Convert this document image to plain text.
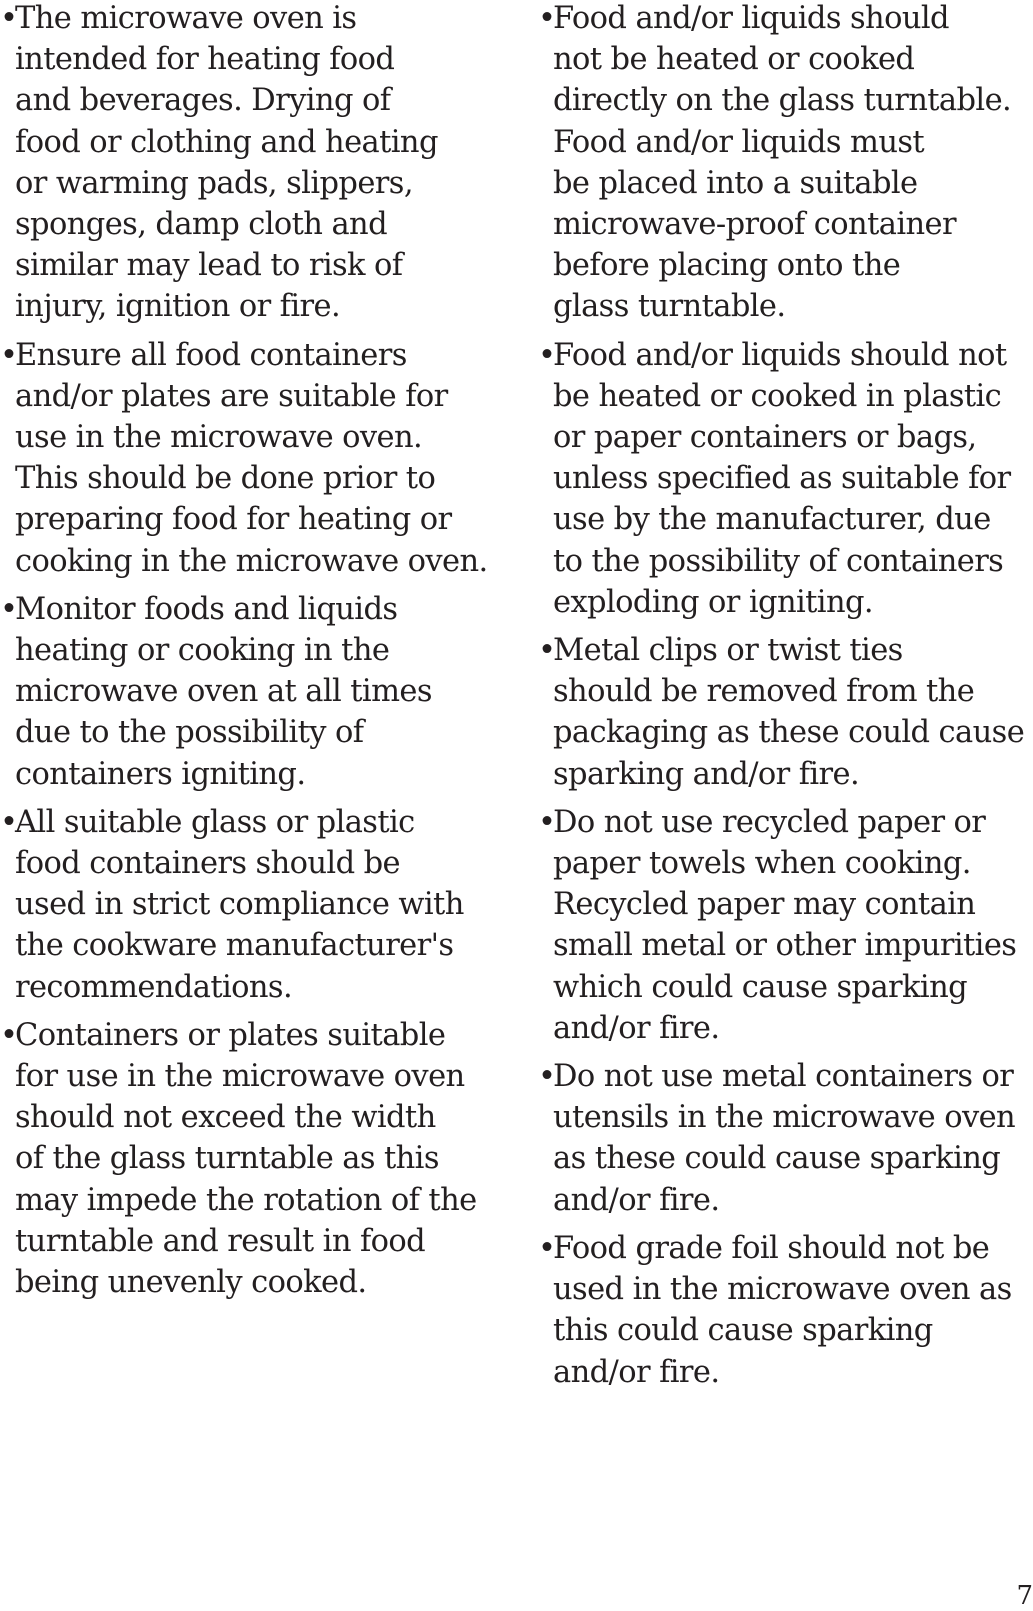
•
The microwave oven is
intended for heating food
and beverages. Drying of
food or clothing and heating
or warming pads, slippers,
sponges, damp cloth and
similar may lead to risk of
injury, ignition or fire.
•
Ensure all food containers
and/or plates are suitable for
use in the microwave oven.
This should be done prior to
preparing food for heating or
cooking in the microwave oven.
•
Monitor foods and liquids
heating or cooking in the
microwave oven at all times
due to the possibility of
containers igniting.
•
All suitable glass or plastic
food containers should be
used in strict compliance with
the cookware manufacturer's
recommendations.
•
Containers or plates suitable
for use in the microwave oven
should not exceed the width
of the glass turntable as this
may impede the rotation of the
turntable and result in food
being unevenly cooked.
•
Food and/or liquids should
not be heated or cooked
directly on the glass turntable.
Food and/or liquids must
be placed into a suitable
microwave-proof container
before placing onto the
glass turntable.
•
Food and/or liquids should not
be heated or cooked in plastic
or paper containers or bags,
unless specified as suitable for
use by the manufacturer, due
to the possibility of containers
exploding or igniting.
•
Metal clips or twist ties
should be removed from the
packaging as these could cause
sparking and/or fire.
•
Do not use recycled paper or
paper towels when cooking.
Recycled paper may contain
small metal or other impurities
which could cause sparking
and/or fire.
•
Do not use metal containers or
utensils in the microwave oven
as these could cause sparking
and/or fire.
•
Food grade foil should not be
used in the microwave oven as
this could cause sparking
and/or fire.
7
